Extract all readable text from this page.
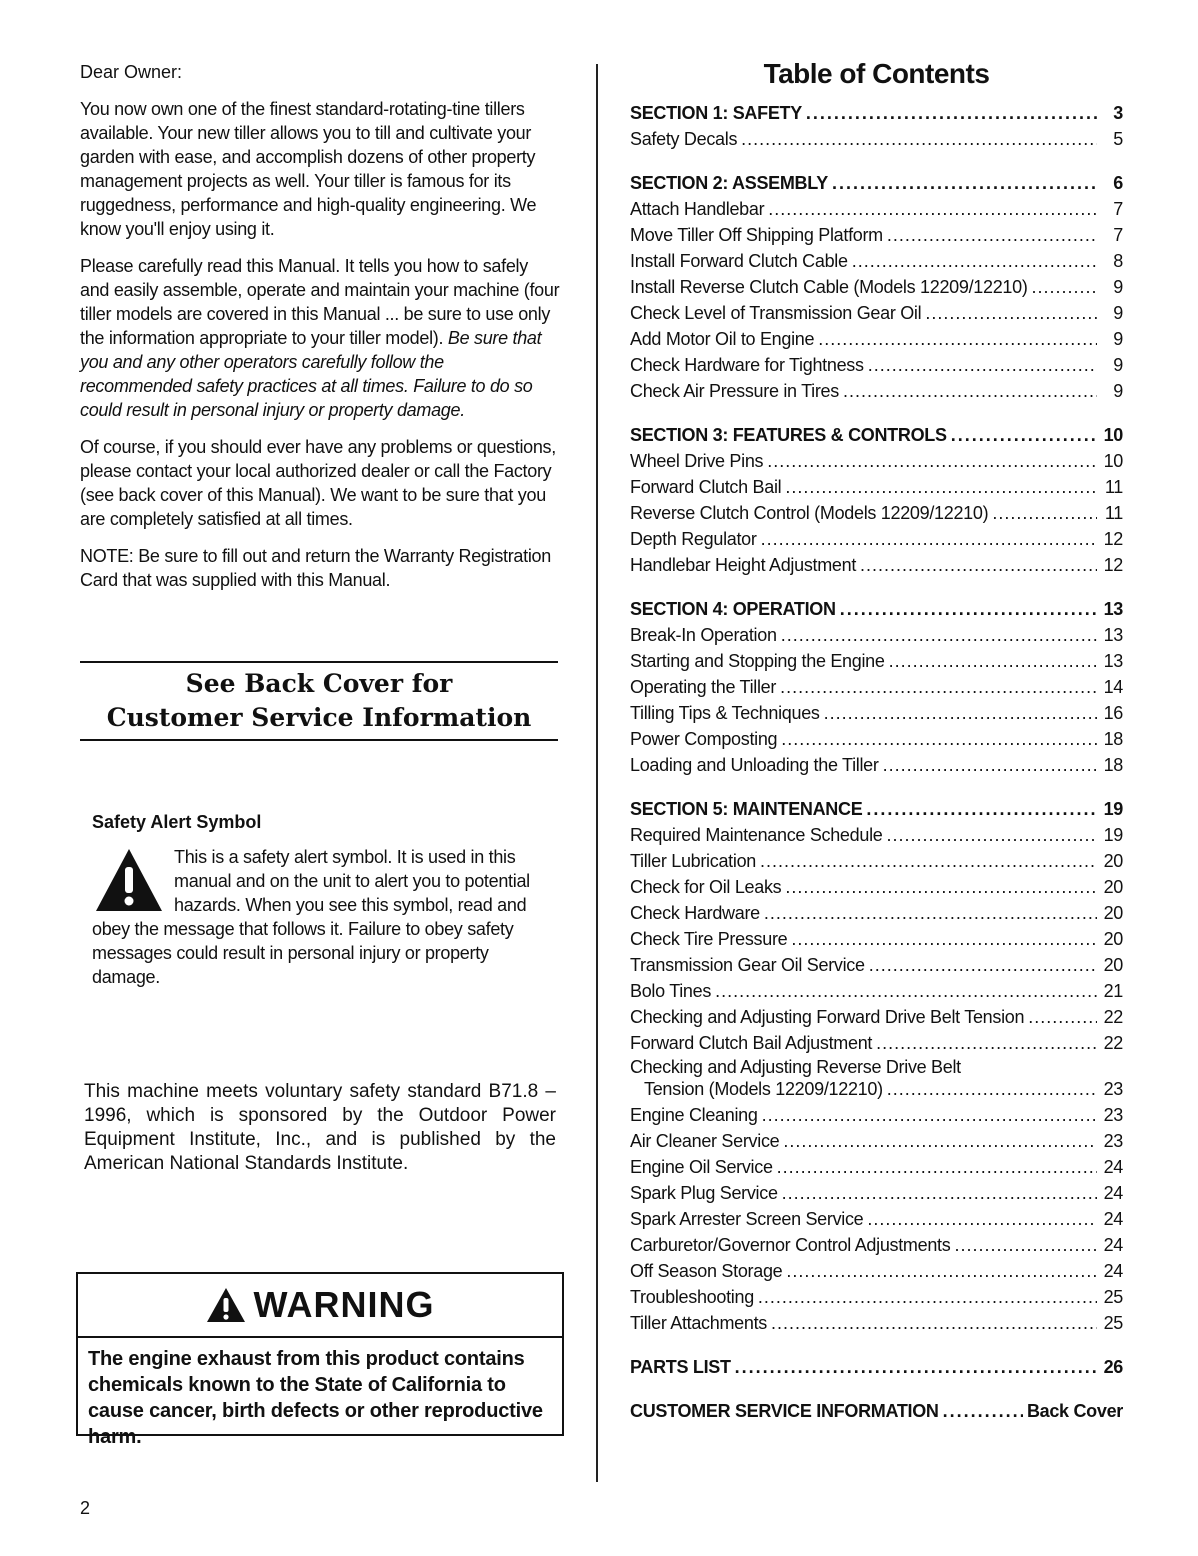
Dear Owner:

You now own one of the finest standard-rotating-tine tillers available. Your new tiller allows you to till and cultivate your garden with ease, and accomplish dozens of other property management projects as well. Your tiller is famous for its ruggedness, performance and high-quality engineering. We know you'll enjoy using it.

Please carefully read this Manual. It tells you how to safely and easily assemble, operate and maintain your machine (four tiller models are covered in this Manual ... be sure to use only the information appropriate to your tiller model). Be sure that you and any other operators carefully follow the recommended safety practices at all times. Failure to do so could result in personal injury or property damage.

Of course, if you should ever have any problems or questions, please contact your local authorized dealer or call the Factory (see back cover of this Manual). We want to be sure that you are completely satisfied at all times.

NOTE: Be sure to fill out and return the Warranty Registration Card that was supplied with this Manual.

See Back Cover for
Customer Service Information
Safety Alert Symbol
This is a safety alert symbol. It is used in this manual and on the unit to alert you to potential hazards. When you see this symbol, read and obey the message that follows it. Failure to obey safety messages could result in personal injury or property damage.
This machine meets voluntary safety standard B71.8 – 1996, which is sponsored by the Outdoor Power Equipment Institute, Inc., and is published by the American National Standards Institute.
WARNING
The engine exhaust from this product contains chemicals known to the State of California to cause cancer, birth defects or other reproductive harm.
2
Table of Contents
SECTION 1: SAFETY .....	3
Safety Decals .....	5
SECTION 2: ASSEMBLY .....	6
Attach Handlebar .....	7
Move Tiller Off Shipping Platform .....	7
Install Forward Clutch Cable .....	8
Install Reverse Clutch Cable (Models 12209/12210) .....	9
Check Level of Transmission Gear Oil .....	9
Add Motor Oil to Engine .....	9
Check Hardware for Tightness .....	9
Check Air Pressure in Tires .....	9
SECTION 3: FEATURES & CONTROLS .....	10
Wheel Drive Pins .....	10
Forward Clutch Bail .....	11
Reverse Clutch Control (Models 12209/12210) .....	11
Depth Regulator .....	12
Handlebar Height Adjustment .....	12
SECTION 4: OPERATION .....	13
Break-In Operation .....	13
Starting and Stopping the Engine .....	13
Operating the Tiller .....	14
Tilling Tips & Techniques .....	16
Power Composting .....	18
Loading and Unloading the Tiller .....	18
SECTION 5: MAINTENANCE .....	19
Required Maintenance Schedule .....	19
Tiller Lubrication .....	20
Check for Oil Leaks .....	20
Check Hardware .....	20
Check Tire Pressure .....	20
Transmission Gear Oil Service .....	20
Bolo Tines .....	21
Checking and Adjusting Forward Drive Belt Tension .....	22
Forward Clutch Bail Adjustment .....	22
Checking and Adjusting Reverse Drive Belt
Tension (Models 12209/12210) .....	23
Engine Cleaning .....	23
Air Cleaner Service .....	23
Engine Oil Service .....	24
Spark Plug Service .....	24
Spark Arrester Screen Service .....	24
Carburetor/Governor Control Adjustments .....	24
Off Season Storage .....	24
Troubleshooting .....	25
Tiller Attachments .....	25
PARTS LIST .....	26
CUSTOMER SERVICE INFORMATION .....	Back Cover
